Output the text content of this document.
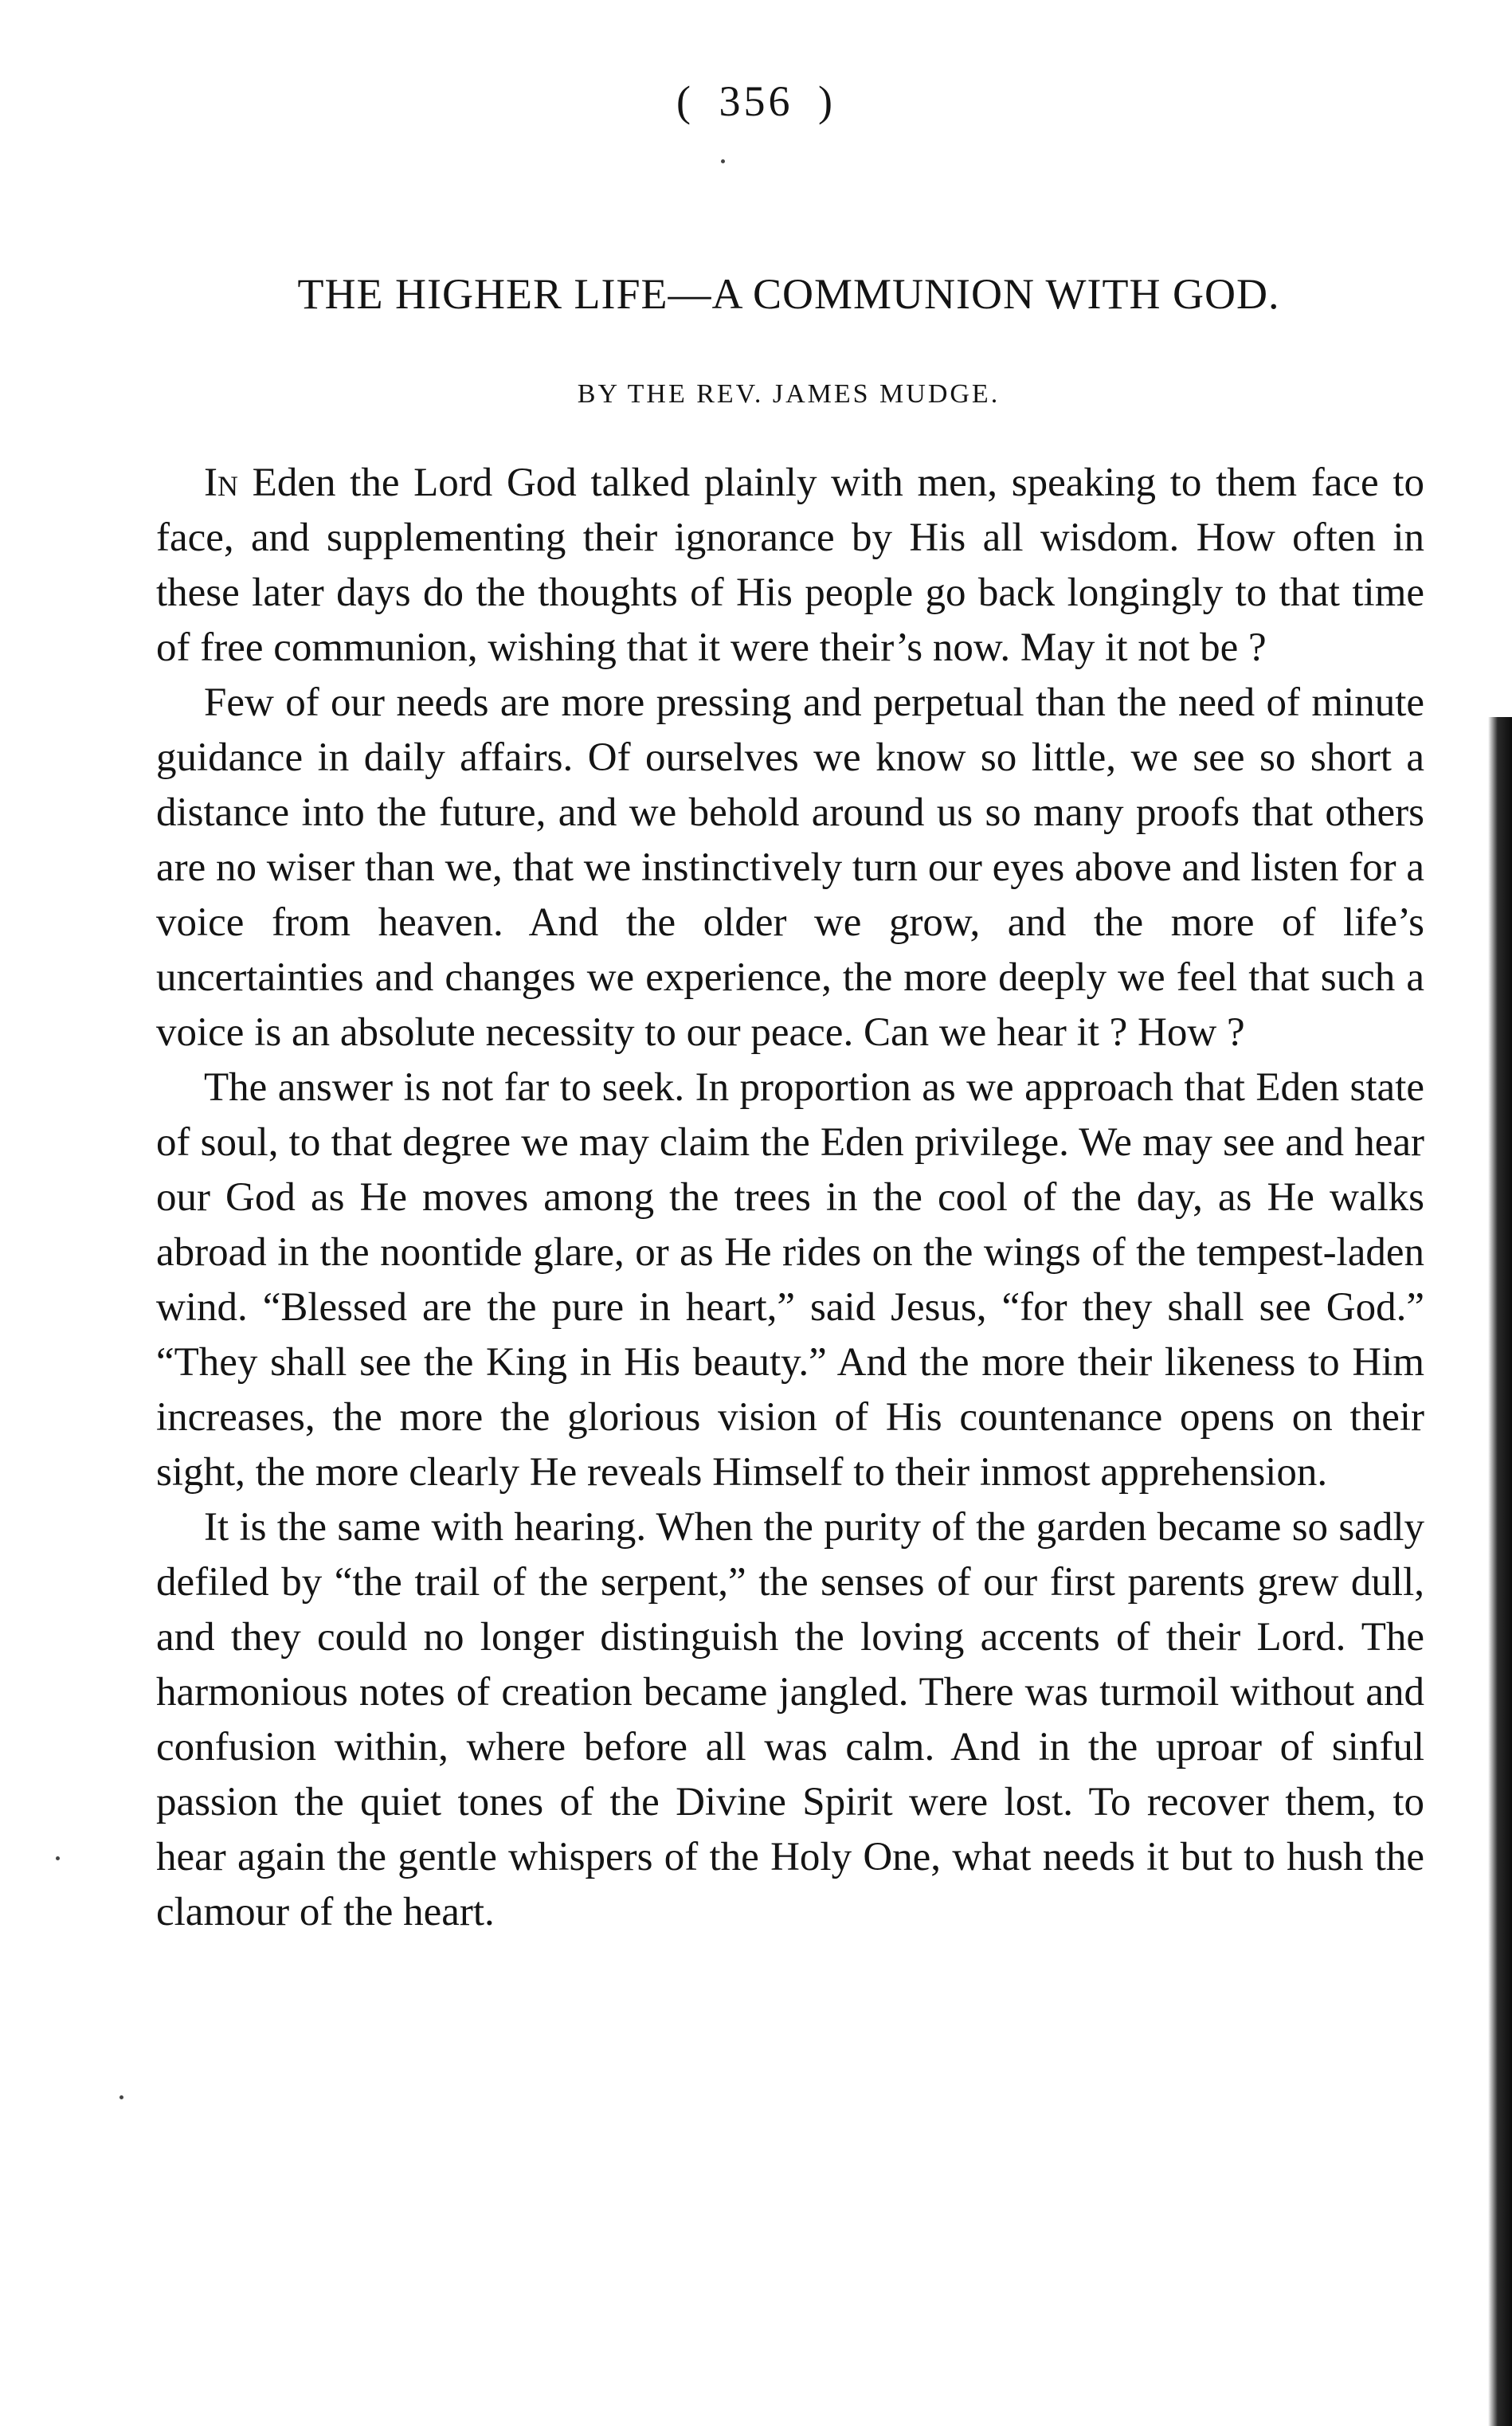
( 356 )
THE HIGHER LIFE—A COMMUNION WITH GOD.
BY THE REV. JAMES MUDGE.

In Eden the Lord God talked plainly with men, speaking to them face to face, and supplementing their ignorance by His all wisdom. How often in these later days do the thoughts of His people go back longingly to that time of free communion, wishing that it were their’s now. May it not be ?

Few of our needs are more pressing and perpetual than the need of minute guidance in daily affairs. Of ourselves we know so little, we see so short a distance into the future, and we behold around us so many proofs that others are no wiser than we, that we instinctively turn our eyes above and listen for a voice from heaven. And the older we grow, and the more of life’s uncertainties and changes we experience, the more deeply we feel that such a voice is an absolute necessity to our peace. Can we hear it ? How ?

The answer is not far to seek. In proportion as we approach that Eden state of soul, to that degree we may claim the Eden privilege. We may see and hear our God as He moves among the trees in the cool of the day, as He walks abroad in the noontide glare, or as He rides on the wings of the tempest-laden wind. “Blessed are the pure in heart,” said Jesus, “for they shall see God.” “They shall see the King in His beauty.” And the more their likeness to Him increases, the more the glorious vision of His countenance opens on their sight, the more clearly He reveals Himself to their inmost apprehension.

It is the same with hearing. When the purity of the garden became so sadly defiled by “the trail of the serpent,” the senses of our first parents grew dull, and they could no longer distinguish the loving accents of their Lord. The harmonious notes of creation became jangled. There was turmoil without and confusion within, where before all was calm. And in the uproar of sinful passion the quiet tones of the Divine Spirit were lost. To recover them, to hear again the gentle whispers of the Holy One, what needs it but to hush the clamour of the heart.
